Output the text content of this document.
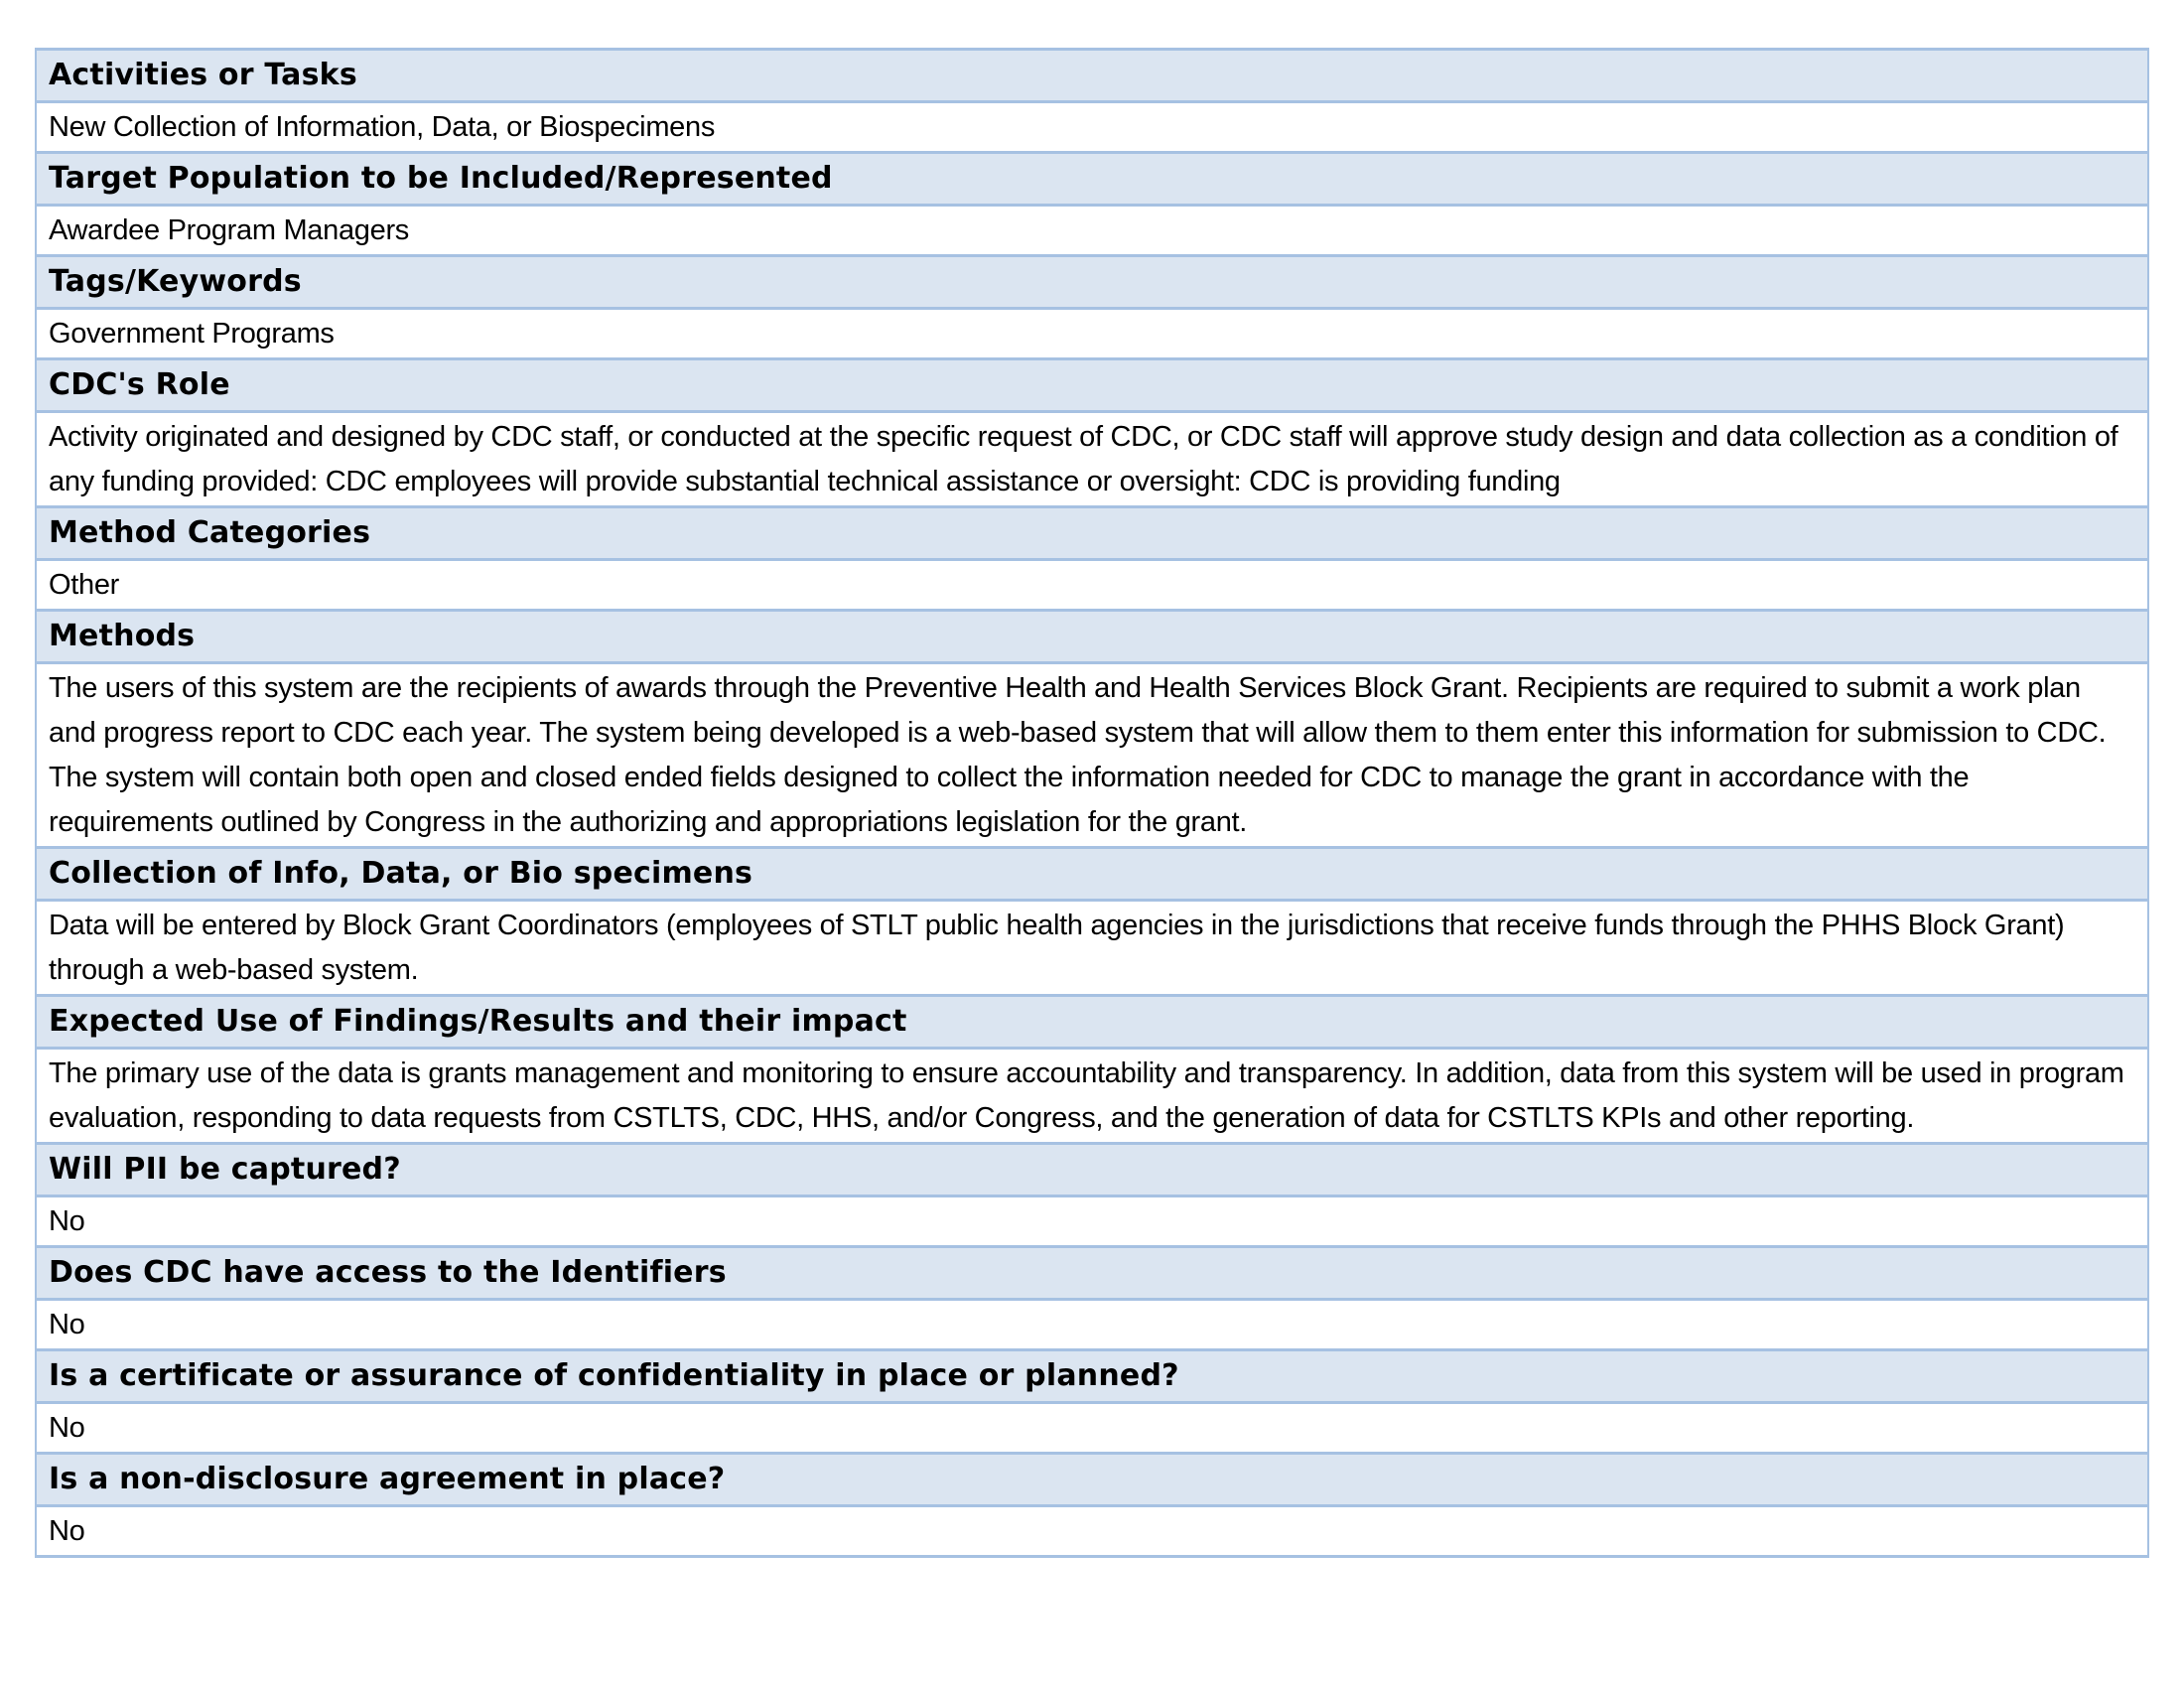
Activities or Tasks
New Collection of Information, Data, or Biospecimens
Target Population to be Included/Represented
Awardee Program Managers
Tags/Keywords
Government Programs
CDC's Role
Activity originated and designed by CDC staff, or conducted at the specific request of CDC, or CDC staff will approve study design and data collection as a condition of any funding provided: CDC employees will provide substantial technical assistance or oversight: CDC is providing funding
Method Categories
Other
Methods
The users of this system are the recipients of awards through the Preventive Health and Health Services Block Grant. Recipients are required to submit a work plan and progress report to CDC each year. The system being developed is a web-based system that will allow them to them enter this information for submission to CDC. The system will contain both open and closed ended fields designed to collect the information needed for CDC to manage the grant in accordance with the requirements outlined by Congress in the authorizing and appropriations legislation for the grant.
Collection of Info, Data, or Bio specimens
Data will be entered by Block Grant Coordinators (employees of STLT public health agencies in the jurisdictions that receive funds through the PHHS Block Grant) through a web-based system.
Expected Use of Findings/Results and their impact
The primary use of the data is grants management and monitoring to ensure accountability and transparency. In addition, data from this system will be used in program evaluation, responding to data requests from CSTLTS, CDC, HHS, and/or Congress, and the generation of data for CSTLTS KPIs and other reporting.
Will PII be captured?
No
Does CDC have access to the Identifiers
No
Is a certificate or assurance of confidentiality in place or planned?
No
Is a non-disclosure agreement in place?
No
